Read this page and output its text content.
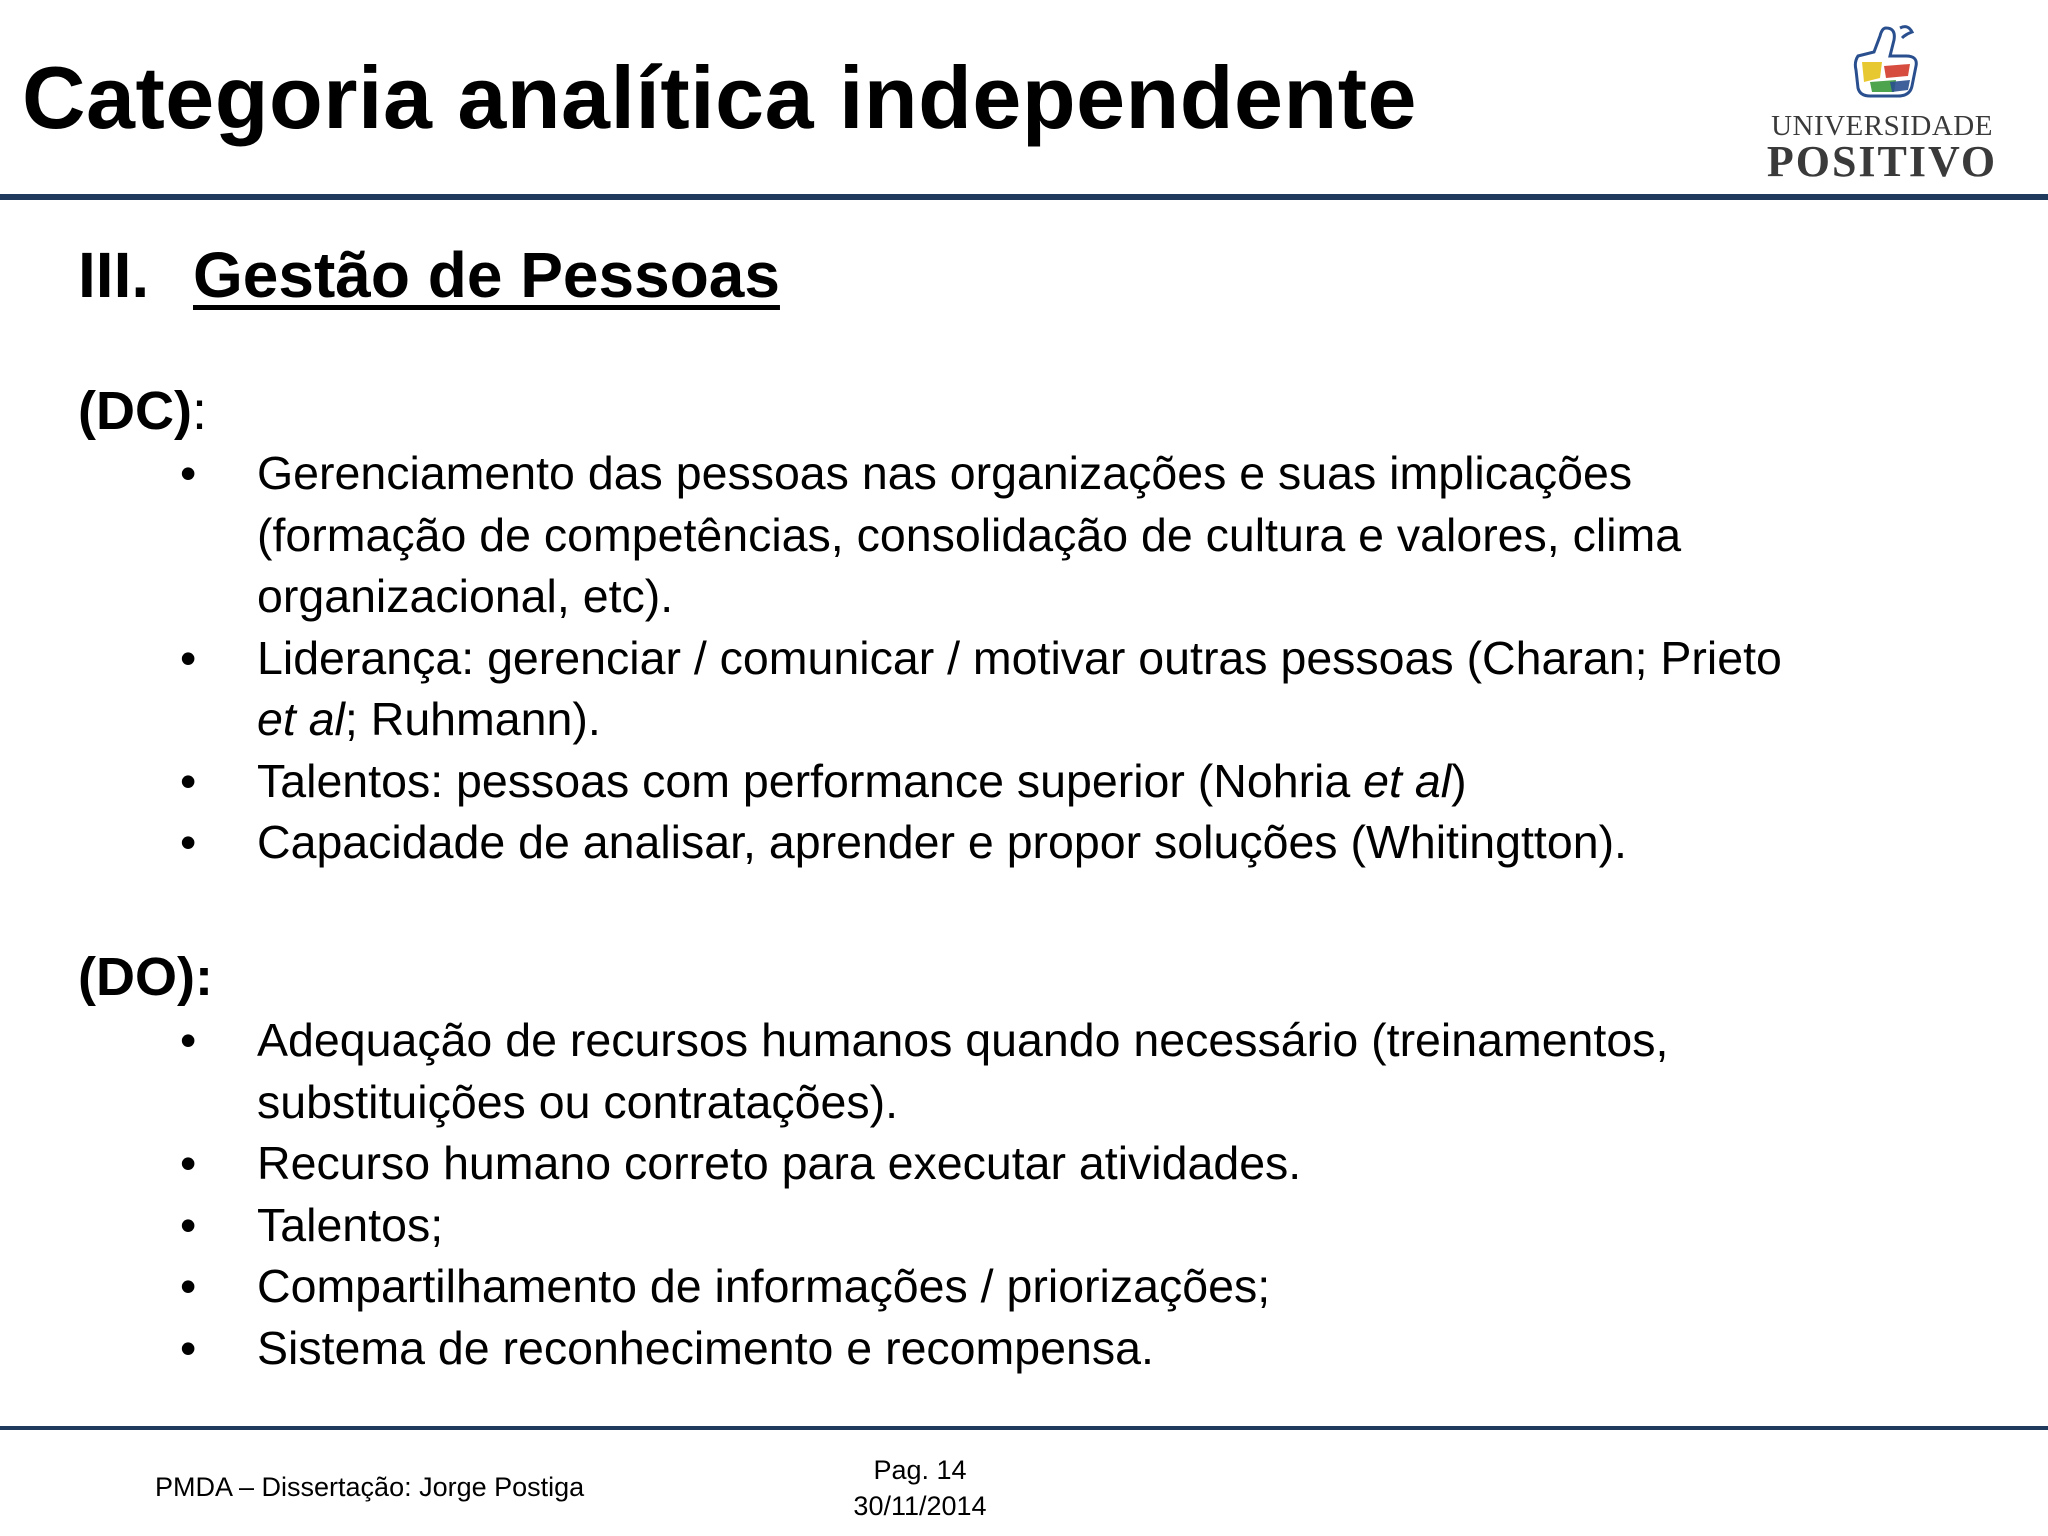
Categoria analítica independente	UNIVERSIDADE
POSITIVO
III. Gestão de Pessoas
(DC):
• Gerenciamento das pessoas nas organizações e suas implicações
(formação de competências, consolidação de cultura e valores, clima
organizacional, etc).
• Liderança: gerenciar / comunicar / motivar outras pessoas (Charan; Prieto
et al; Ruhmann).
• Talentos: pessoas com performance superior (Nohria et al)
• Capacidade de analisar, aprender e propor soluções (Whitingtton).
(DO):
• Adequação de recursos humanos quando necessário (treinamentos,
substituições ou contratações).
• Recurso humano correto para executar atividades.
• Talentos;
• Compartilhamento de informações / priorizações;
• Sistema de reconhecimento e recompensa.
PMDA – Dissertação: Jorge Postiga
Pag. 14
30/11/2014
